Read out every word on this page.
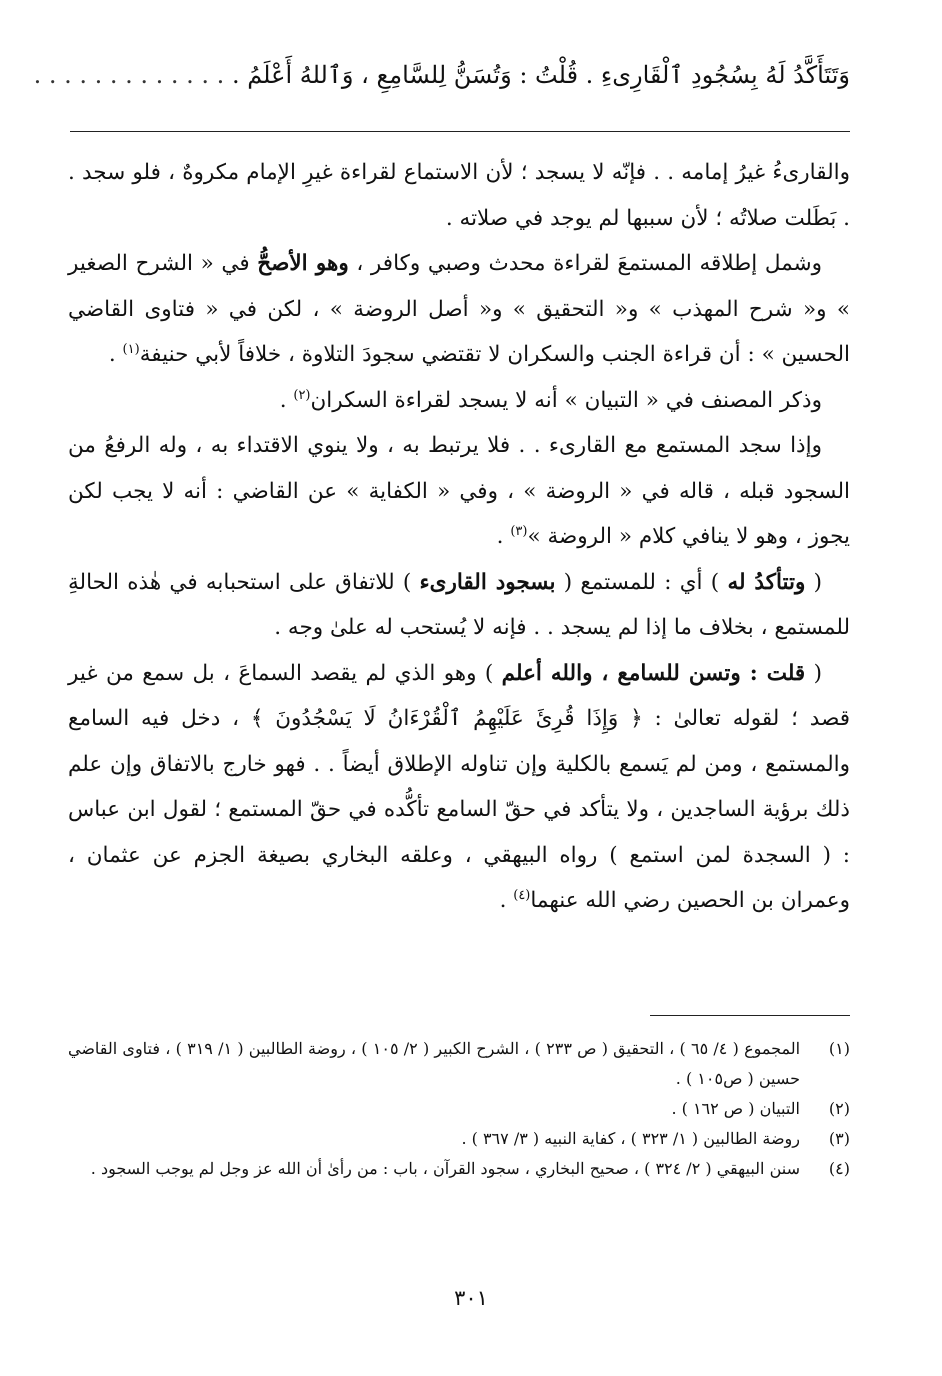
وَتَتَأَكَّدُ لَهُ بِسُجُودِ ٱلْقَارِىءِ . قُلْتُ : وَتُسَنُّ لِلسَّامِعِ ، وَٱللهُ أَعْلَمُ . . . . . . . . . . . . . .

والقارىءُ غيرُ إمامه . . فإنّه لا يسجد ؛ لأن الاستماع لقراءة غيرِ الإمام مكروهٌ ، فلو سجد . . بَطَلت صلاتُه ؛ لأن سببها لم يوجد في صلاته .

وشمل إطلاقه المستمعَ لقراءة محدث وصبي وكافر ، وهو الأصحُّ في « الشرح الصغير » و« شرح المهذب » و« التحقيق » و« أصل الروضة » ، لكن في « فتاوى القاضي الحسين » : أن قراءة الجنب والسكران لا تقتضي سجودَ التلاوة ، خلافاً لأبي حنيفة$^{(١)}$ .

وذكر المصنف في « التبيان » أنه لا يسجد لقراءة السكران$^{(٢)}$ .

وإذا سجد المستمع مع القارىء . . فلا يرتبط به ، ولا ينوي الاقتداء به ، وله الرفعُ من السجود قبله ، قاله في « الروضة » ، وفي « الكفاية » عن القاضي : أنه لا يجب لكن يجوز ، وهو لا ينافي كلام « الروضة »$^{(٣)}$ .

( وتتأكدُ له ) أي : للمستمع ( بسجود القارىء ) للاتفاق على استحبابه في هٰذه الحالةِ للمستمع ، بخلاف ما إذا لم يسجد . . فإنه لا يُستحب له علىٰ وجه .

( قلت : وتسن للسامع ، والله أعلم ) وهو الذي لم يقصد السماعَ ، بل سمع من غير قصد ؛ لقوله تعالىٰ : ﴿ وَإِذَا قُرِئَ عَلَيْهِمُ ٱلْقُرْءَانُ لَا يَسْجُدُونَ ﴾ ، دخل فيه السامع والمستمع ، ومن لم يَسمع بالكلية وإن تناوله الإطلاق أيضاً . . فهو خارج بالاتفاق وإن علم ذلك برؤية الساجدين ، ولا يتأكد في حقّ السامع تأكُّده في حقّ المستمع ؛ لقول ابن عباس : ( السجدة لمن استمع ) رواه البيهقي ، وعلقه البخاري بصيغة الجزم عن عثمان ، وعمران بن الحصين رضي الله عنهما$^{(٤)}$ .

(١)
المجموع ( ٤/ ٦٥ ) ، التحقيق ( ص ٢٣٣ ) ، الشرح الكبير ( ٢/ ١٠٥ ) ، روضة الطالبين ( ١/ ٣١٩ ) ، فتاوى القاضي حسين ( ص١٠٥ ) .
(٢)
التبيان ( ص ١٦٢ ) .
(٣)
روضة الطالبين ( ١/ ٣٢٣ ) ، كفاية النبيه ( ٣/ ٣٦٧ ) .
(٤)
سنن البيهقي ( ٢/ ٣٢٤ ) ، صحيح البخاري ، سجود القرآن ، باب : من رأىٰ أن الله عز وجل لم يوجب السجود .
٣٠١
